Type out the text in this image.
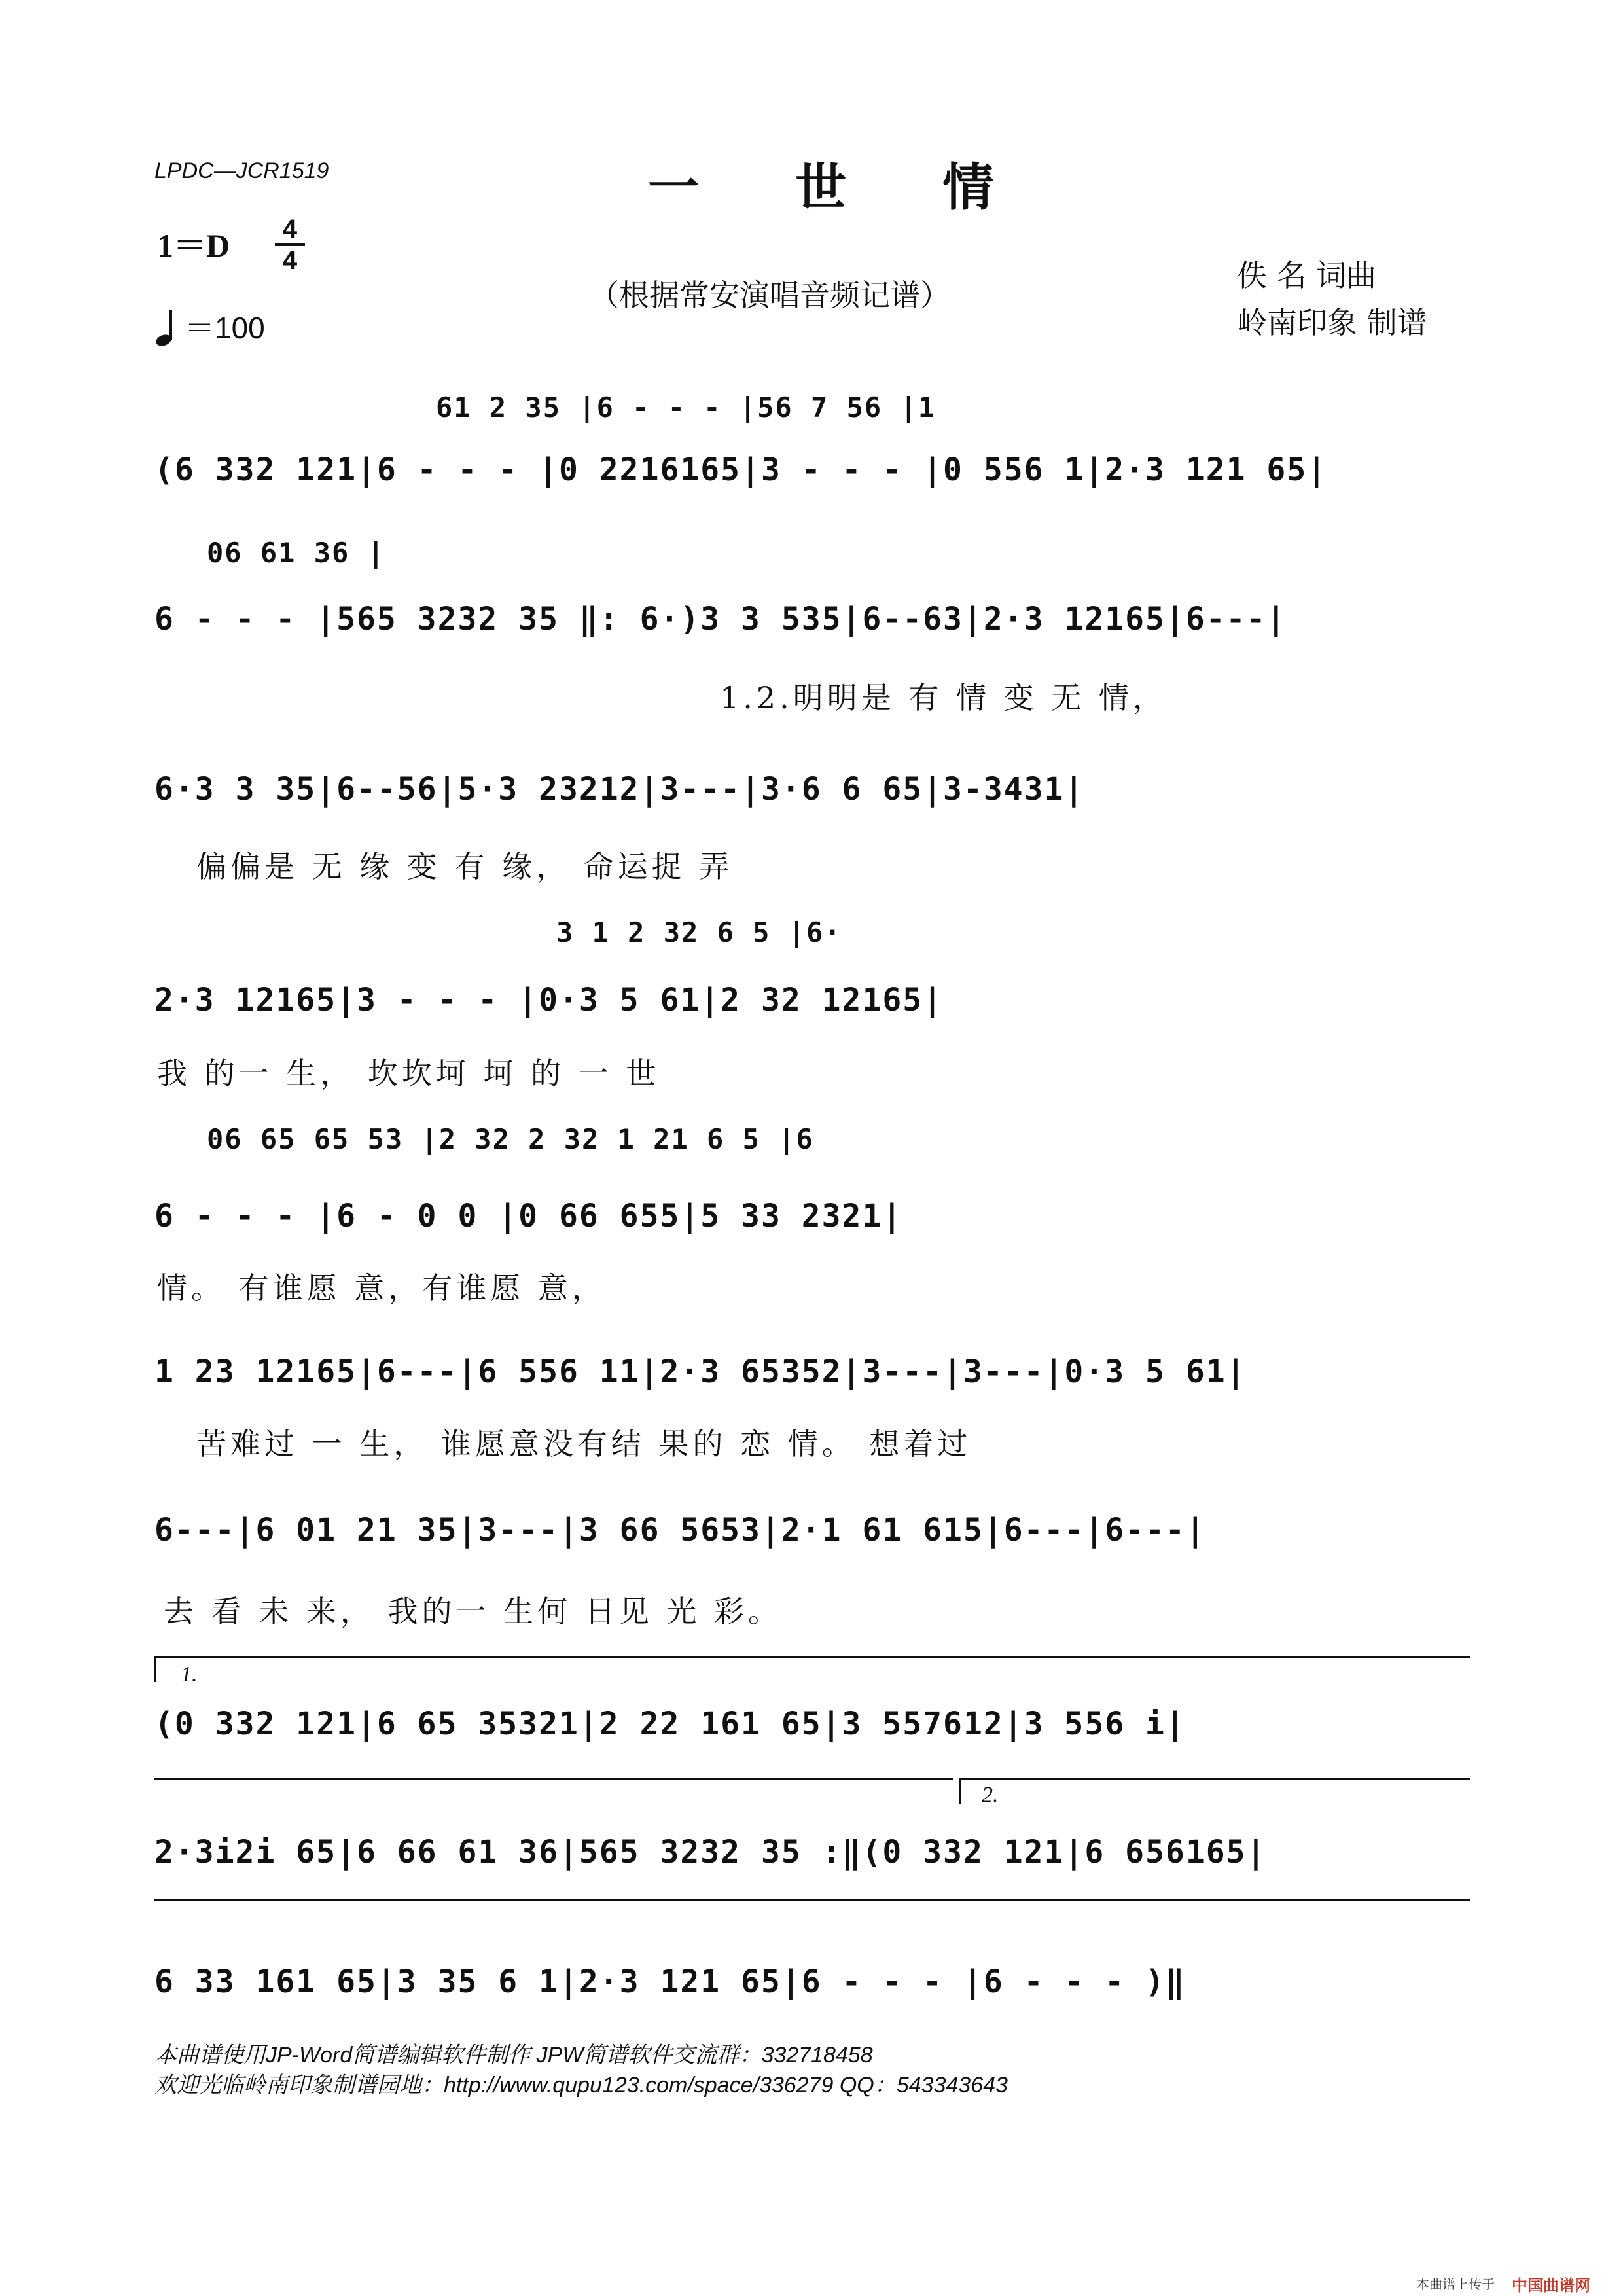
LPDC—JCR1519	一 世 情
1＝D 4
4
＝100
（根据常安演唱音频记谱）
佚 名 词曲
岭南印象 制谱
61 2 35 |6 - - - |56 7 56 |1
(6 332 121|6 - - - |0 2216165|3 - - - |0 556 1|2·3 121 65|
06 61 36 |
6 - - - |565 3232 35 ‖: 6·)3 3 535|6--63|2·3 12165|6---|
1.2.明明是 有 情 变 无 情，
6·3 3 35|6--56|5·3 23212|3---|3·6 6 65|3-3431|
偏偏是 无 缘 变 有 缘， 命运捉 弄
3 1 2 32 6 5 |6·
2·3 12165|3 - - - |0·3 5 61|2 32 12165|
我 的一 生， 坎坎坷 坷 的 一 世
06 65 65 53 |2 32 2 32 1 21 6 5 |6
6 - - - |6 - 0 0 |0 66 655|5 33 2321|
情。 有谁愿 意，有谁愿 意，
1 23 12165|6---|6 556 11|2·3 65352|3---|3---|0·3 5 61|
苦难过 一 生， 谁愿意没有结 果的 恋 情。 想着过
6---|6 01 21 35|3---|3 66 5653|2·1 61 615|6---|6---|
去 看 未 来， 我的一 生何 日见 光 彩。
1.
(0 332 121|6 65 35321|2 22 161 65|3 557612|3 556 i|
2·3i2i 65|6 66 61 36|565 3232 35 :‖(0 332 121|6 656165|
2.
6 33 161 65|3 35 6 1|2·3 121 65|6 - - - |6 - - - )‖
本曲谱使用JP-Word简谱编辑软件制作 JPW简谱软件交流群：332718458
欢迎光临岭南印象制谱园地：http://www.qupu123.com/space/336279 QQ：543343643
本曲谱上传于 中国曲谱网
